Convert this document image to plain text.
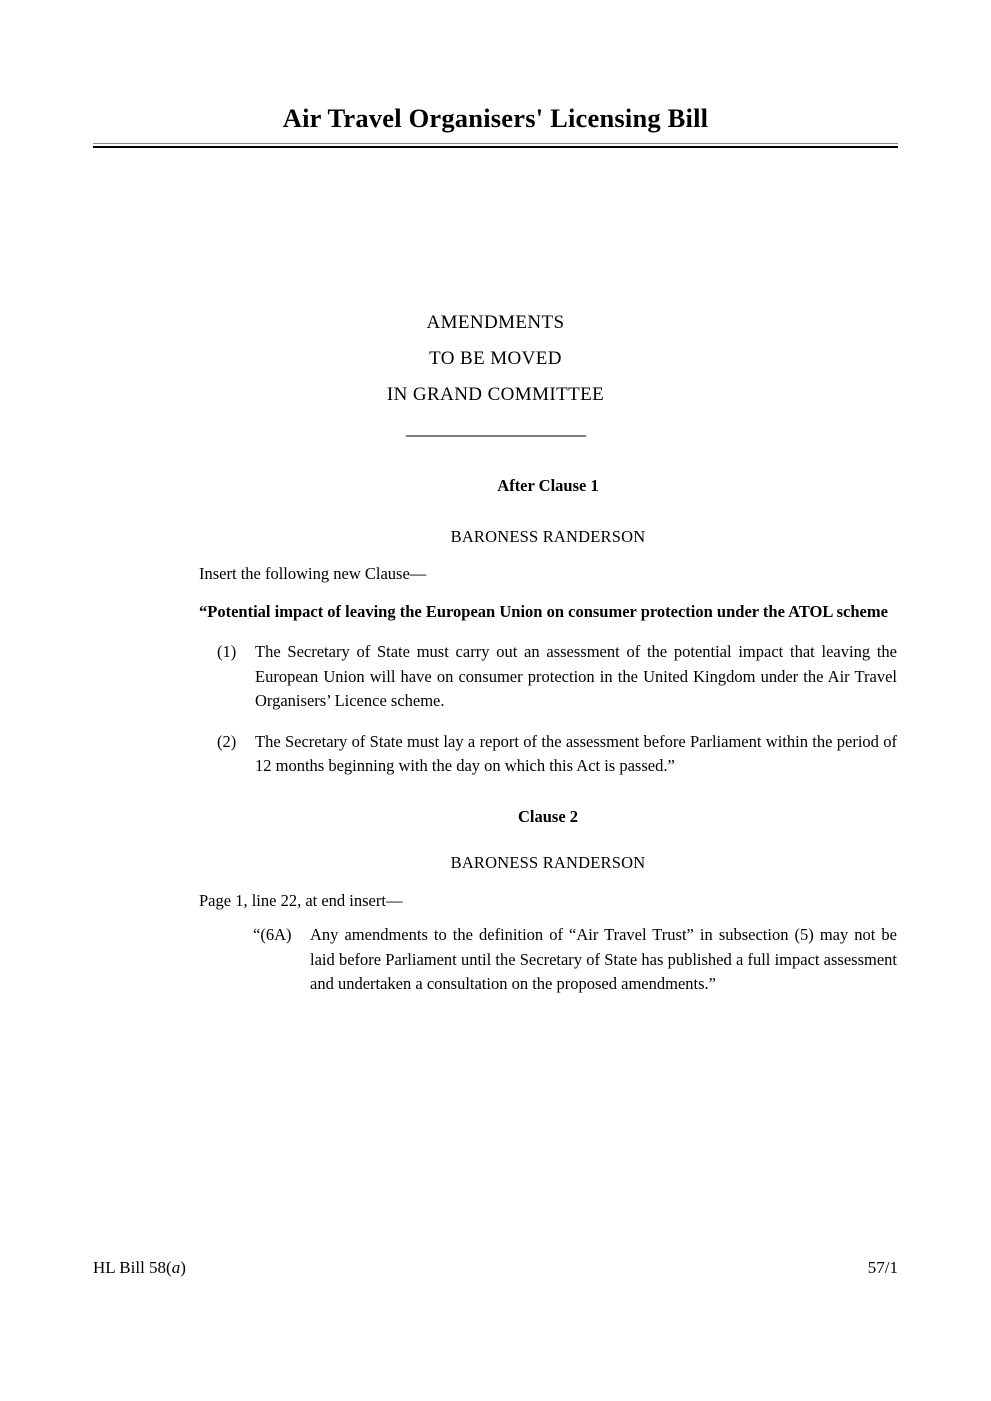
Air Travel Organisers' Licensing Bill
AMENDMENTS
TO BE MOVED
IN GRAND COMMITTEE
After Clause 1
BARONESS RANDERSON
Insert the following new Clause—
“Potential impact of leaving the European Union on consumer protection under the ATOL scheme
(1)	The Secretary of State must carry out an assessment of the potential impact that leaving the European Union will have on consumer protection in the United Kingdom under the Air Travel Organisers’ Licence scheme.
(2)	The Secretary of State must lay a report of the assessment before Parliament within the period of 12 months beginning with the day on which this Act is passed.”
Clause 2
BARONESS RANDERSON
Page 1, line 22, at end insert—
“(6A)	Any amendments to the definition of “Air Travel Trust” in subsection (5) may not be laid before Parliament until the Secretary of State has published a full impact assessment and undertaken a consultation on the proposed amendments.”
HL Bill 58(a)	57/1
